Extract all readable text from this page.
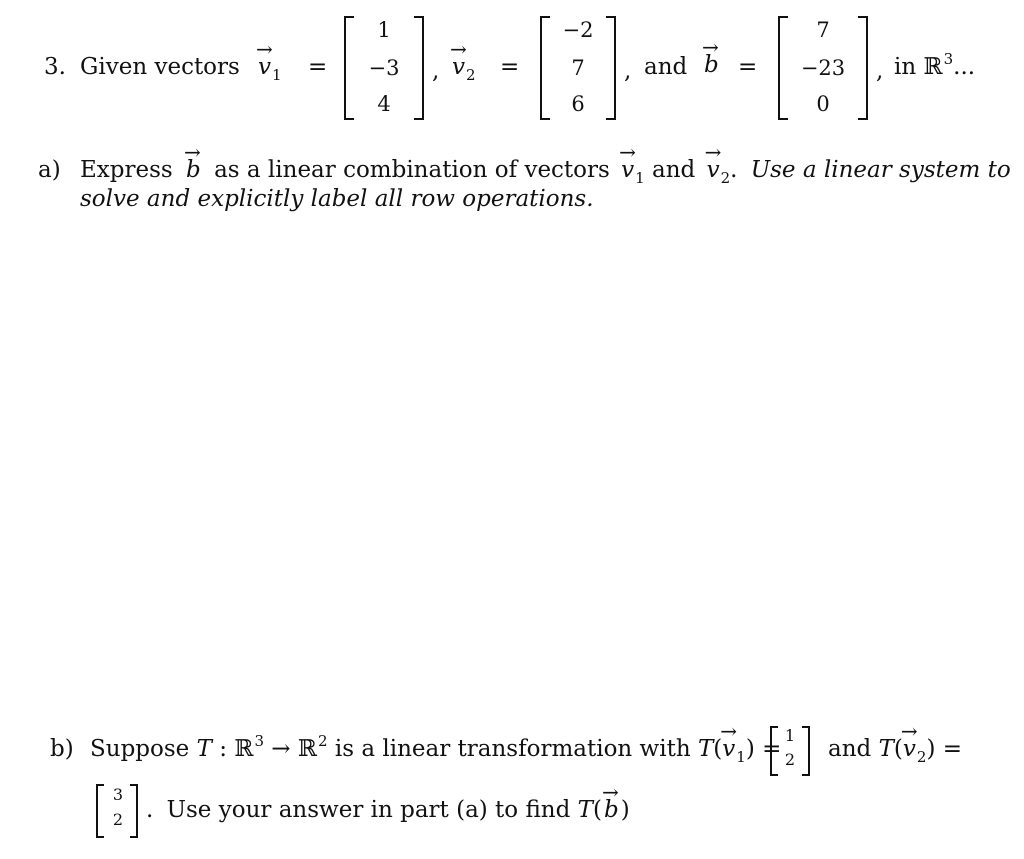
3. Given vectors
→
$v_1$ =
1
−3
4
,
→
$v_2$ =
−2
7
6
, and
→
b =
7
−23
0
, in ℝ$^3$...
a) Express
→
b as a linear combination of vectors
→
$v_1$ and
→
$v_2$. Use a linear system to
solve and explicitly label all row operations.
b) Suppose T : ℝ$^3$ → ℝ$^2$ is a linear transformation with T(
→
$v_1$) =
1
2	and T(
→
$v_2$) =
3
2 . Use your answer in part (a) to find T(
→
b)
